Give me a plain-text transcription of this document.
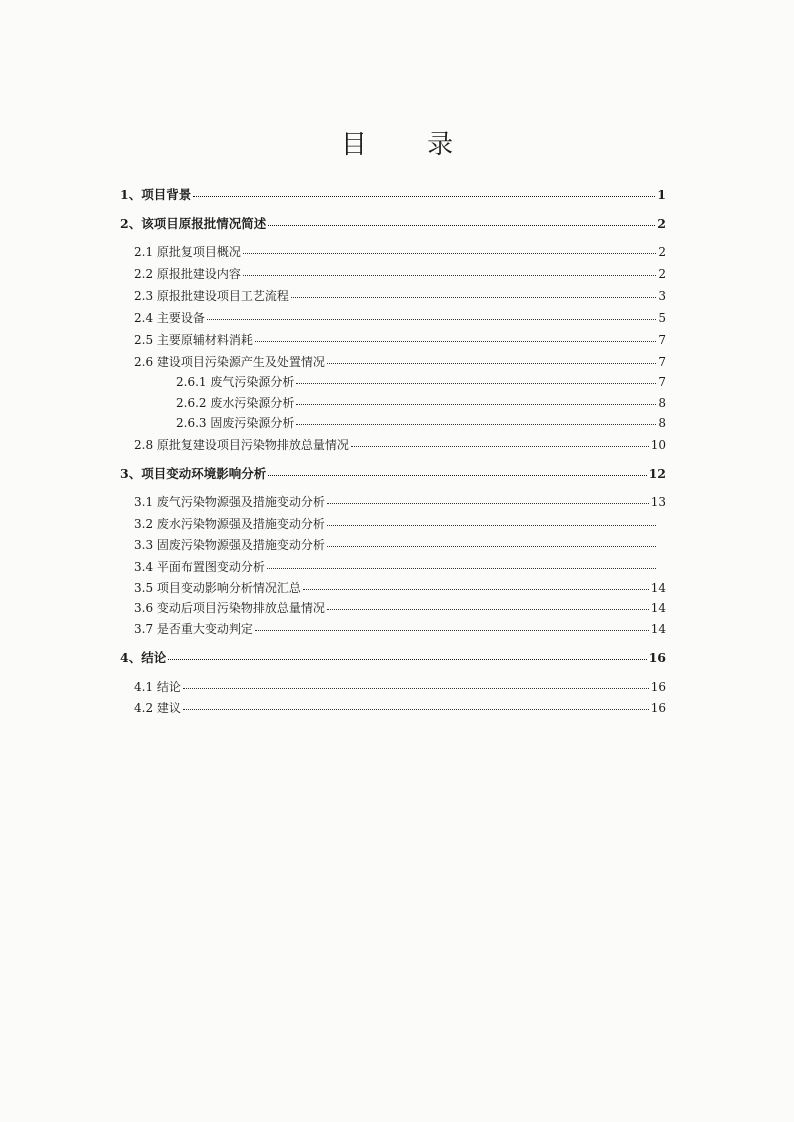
目 录
1、项目背景	1
2、该项目原报批情况简述	2
2.1 原批复项目概况	2
2.2 原报批建设内容	2
2.3 原报批建设项目工艺流程	3
2.4 主要设备	5
2.5 主要原辅材料消耗	7
2.6 建设项目污染源产生及处置情况	7
2.6.1 废气污染源分析	7
2.6.2 废水污染源分析	8
2.6.3 固废污染源分析	8
2.8 原批复建设项目污染物排放总量情况	10
3、项目变动环境影响分析	12
3.1 废气污染物源强及措施变动分析	13
3.2 废水污染物源强及措施变动分析
3.3 固废污染物源强及措施变动分析
3.4 平面布置图变动分析
3.5 项目变动影响分析情况汇总	14
3.6 变动后项目污染物排放总量情况	14
3.7 是否重大变动判定	14
4、结论	16
4.1 结论	16
4.2 建议	16
